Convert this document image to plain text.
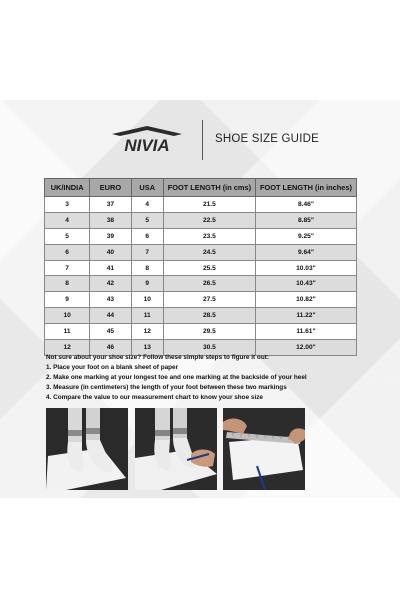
NIVIA	SHOE SIZE GUIDE
UK/INDIA	EURO	USA	FOOT LENGTH (in cms)	FOOT LENGTH (in inches)
3	37	4	21.5	8.46"
4	38	5	22.5	8.85"
5	39	6	23.5	9.25"
6	40	7	24.5	9.64"
7	41	8	25.5	10.03"
8	42	9	26.5	10.43"
9	43	10	27.5	10.82"
10	44	11	28.5	11.22"
11	45	12	29.5	11.61"
12	46	13	30.5	12.00"
Not sure about your shoe size? Follow these simple steps to figure it out:
1. Place your foot on a blank sheet of paper
2. Make one marking at your longest toe and one marking at the backside of your heel
3. Measure (in centimeters) the length of your foot between these two markings
4. Compare the value to our measurement chart to know your shoe size
